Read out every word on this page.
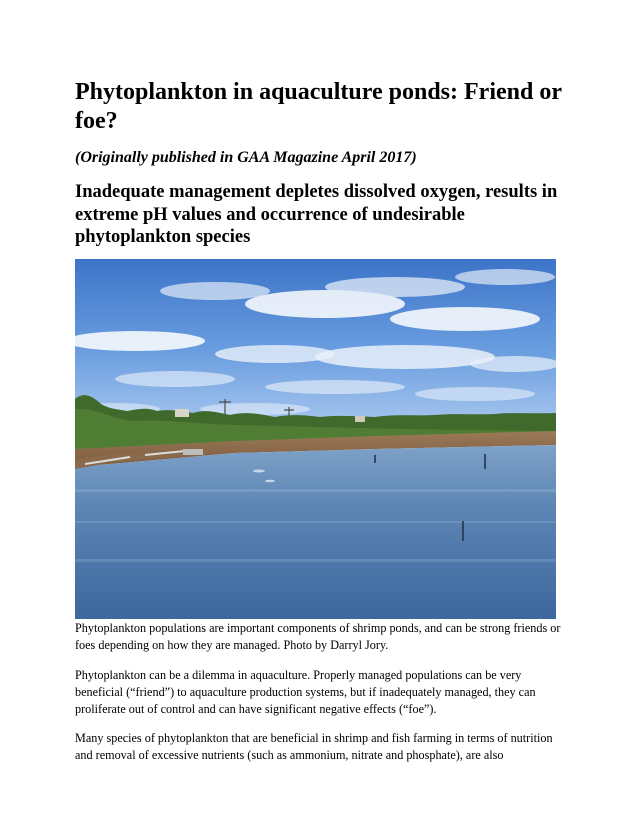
Phytoplankton in aquaculture ponds: Friend or foe?

(Originally published in GAA Magazine April 2017)

Inadequate management depletes dissolved oxygen, results in extreme pH values and occurrence of undesirable phytoplankton species

Phytoplankton populations are important components of shrimp ponds, and can be strong friends or foes depending on how they are managed. Photo by Darryl Jory.

Phytoplankton can be a dilemma in aquaculture. Properly managed populations can be very beneficial (“friend”) to aquaculture production systems, but if inadequately managed, they can proliferate out of control and can have significant negative effects (“foe”).

Many species of phytoplankton that are beneficial in shrimp and fish farming in terms of nutrition and removal of excessive nutrients (such as ammonium, nitrate and phosphate), are also
